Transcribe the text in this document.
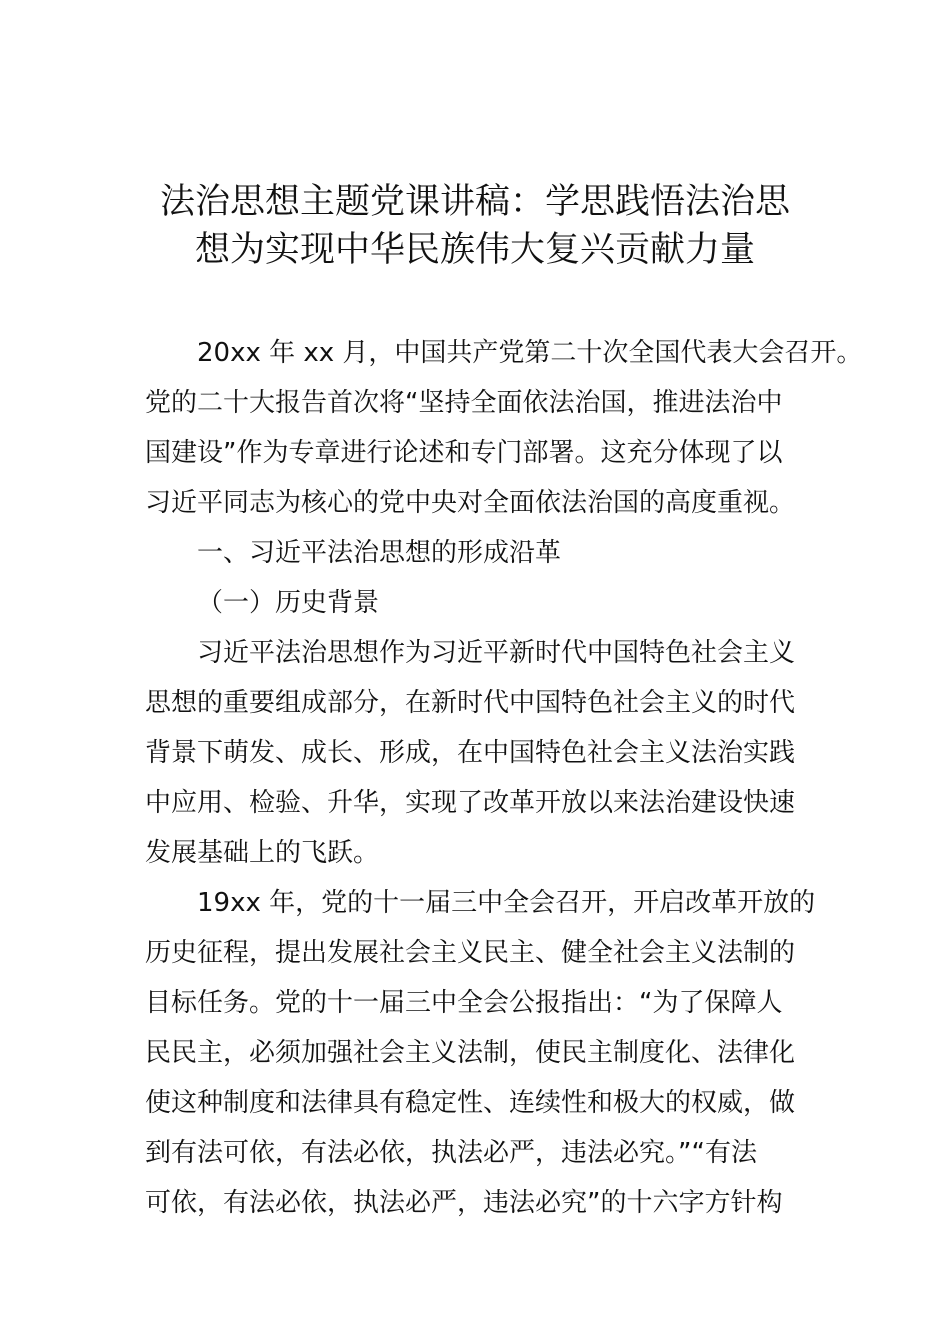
法治思想主题党课讲稿：学思践悟法治思
想为实现中华民族伟大复兴贡献力量
20xx 年 xx 月，中国共产党第二十次全国代表大会召开。
党的二十大报告首次将“坚持全面依法治国，推进法治中
国建设”作为专章进行论述和专门部署。这充分体现了以
习近平同志为核心的党中央对全面依法治国的高度重视。
一、习近平法治思想的形成沿革
（一）历史背景
习近平法治思想作为习近平新时代中国特色社会主义
思想的重要组成部分，在新时代中国特色社会主义的时代
背景下萌发、成长、形成，在中国特色社会主义法治实践
中应用、检验、升华，实现了改革开放以来法治建设快速
发展基础上的飞跃。
19xx 年，党的十一届三中全会召开，开启改革开放的
历史征程，提出发展社会主义民主、健全社会主义法制的
目标任务。党的十一届三中全会公报指出：“为了保障人
民民主，必须加强社会主义法制，使民主制度化、法律化
使这种制度和法律具有稳定性、连续性和极大的权威，做
到有法可依，有法必依，执法必严，违法必究。”“有法
可依，有法必依，执法必严，违法必究”的十六字方针构
